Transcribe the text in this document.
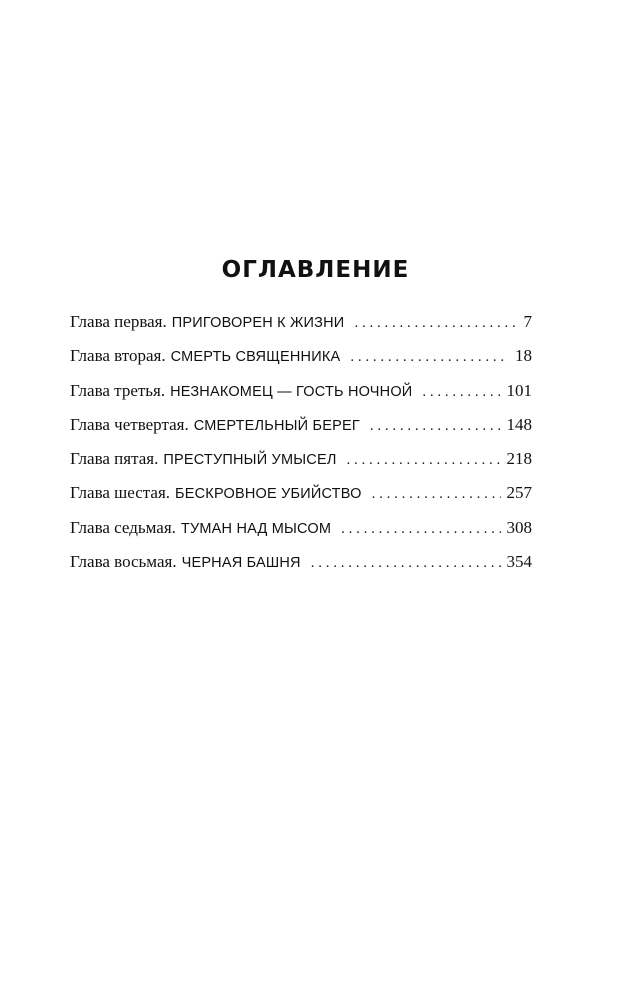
ОГЛАВЛЕНИЕ
Глава первая. ПРИГОВОРЕН К ЖИЗНИ . . .	7
Глава вторая. СМЕРТЬ СВЯЩЕННИКА . . .	18
Глава третья. НЕЗНАКОМЕЦ — ГОСТЬ НОЧНОЙ . . .	101
Глава четвертая. СМЕРТЕЛЬНЫЙ БЕРЕГ . . .	148
Глава пятая. ПРЕСТУПНЫЙ УМЫСЕЛ . . .	218
Глава шестая. БЕСКРОВНОЕ УБИЙСТВО . . .	257
Глава седьмая. ТУМАН НАД МЫСОМ . . .	308
Глава восьмая. ЧЕРНАЯ БАШНЯ . . .	354
